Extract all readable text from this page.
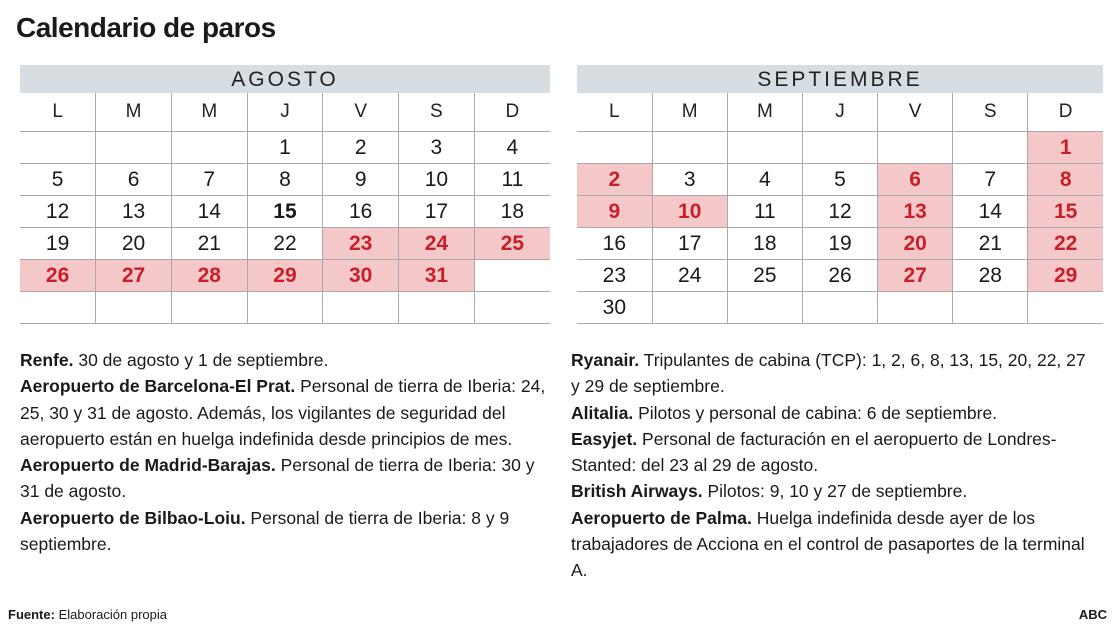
Calendario de paros
AGOSTO
L	M	M	J	V	S	D
			1	2	3	4
5	6	7	8	9	10	11
12	13	14	15	16	17	18
19	20	21	22	23	24	25
26	27	28	29	30	31	

SEPTIEMBRE
L	M	M	J	V	S	D
						1
2	3	4	5	6	7	8
9	10	11	12	13	14	15
16	17	18	19	20	21	22
23	24	25	26	27	28	29
30						

Renfe. 30 de agosto y 1 de septiembre.

Aeropuerto de Barcelona-El Prat. Personal de tierra de Iberia: 24, 25, 30 y 31 de agosto. Además, los vigilantes de seguridad del aeropuerto están en huelga indefinida desde principios de mes.

Aeropuerto de Madrid-Barajas. Personal de tierra de Iberia: 30 y 31 de agosto.

Aeropuerto de Bilbao-Loiu. Personal de tierra de Iberia: 8 y 9 septiembre.

Ryanair. Tripulantes de cabina (TCP): 1, 2, 6, 8, 13, 15, 20, 22, 27 y 29 de septiembre.

Alitalia. Pilotos y personal de cabina: 6 de septiembre.

Easyjet. Personal de facturación en el aeropuerto de Londres-Stanted: del 23 al 29 de agosto.

British Airways. Pilotos: 9, 10 y 27 de septiembre.

Aeropuerto de Palma. Huelga indefinida desde ayer de los trabajadores de Acciona en el control de pasaportes de la terminal A.

Fuente: Elaboración propia	ABC
